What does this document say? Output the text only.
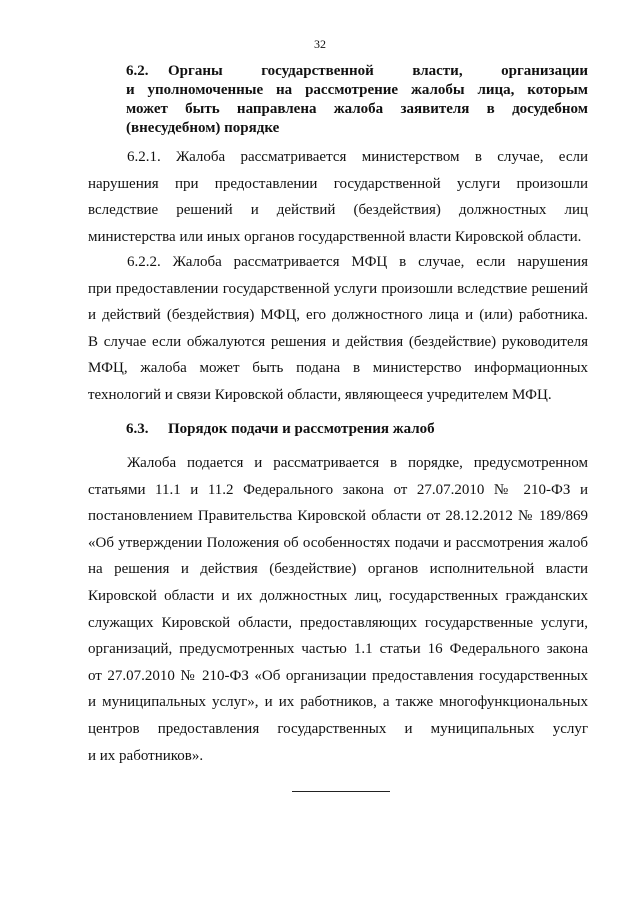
32
6.2.	Органы государственной власти, организации
и уполномоченные на рассмотрение жалобы лица, которым
может быть направлена жалоба заявителя в досудебном
(внесудебном) порядке
6.2.1. Жалоба рассматривается министерством в случае, если
нарушения при предоставлении государственной услуги произошли
вследствие решений и действий (бездействия) должностных лиц
министерства или иных органов государственной власти Кировской области.
6.2.2. Жалоба рассматривается МФЦ в случае, если нарушения
при предоставлении государственной услуги произошли вследствие решений
и действий (бездействия) МФЦ, его должностного лица и (или) работника.
В случае если обжалуются решения и действия (бездействие) руководителя
МФЦ, жалоба может быть подана в министерство информационных
технологий и связи Кировской области, являющееся учредителем МФЦ.
6.3.	Порядок подачи и рассмотрения жалоб
Жалоба подается и рассматривается в порядке, предусмотренном
статьями 11.1 и 11.2 Федерального закона от 27.07.2010 № 210-ФЗ и
постановлением Правительства Кировской области от 28.12.2012 № 189/869
«Об утверждении Положения об особенностях подачи и рассмотрения жалоб
на решения и действия (бездействие) органов исполнительной власти
Кировской области и их должностных лиц, государственных гражданских
служащих Кировской области, предоставляющих государственные услуги,
организаций, предусмотренных частью 1.1 статьи 16 Федерального закона
от 27.07.2010 № 210-ФЗ «Об организации предоставления государственных
и муниципальных услуг», и их работников, а также многофункциональных
центров предоставления государственных и муниципальных услуг
и их работников».
